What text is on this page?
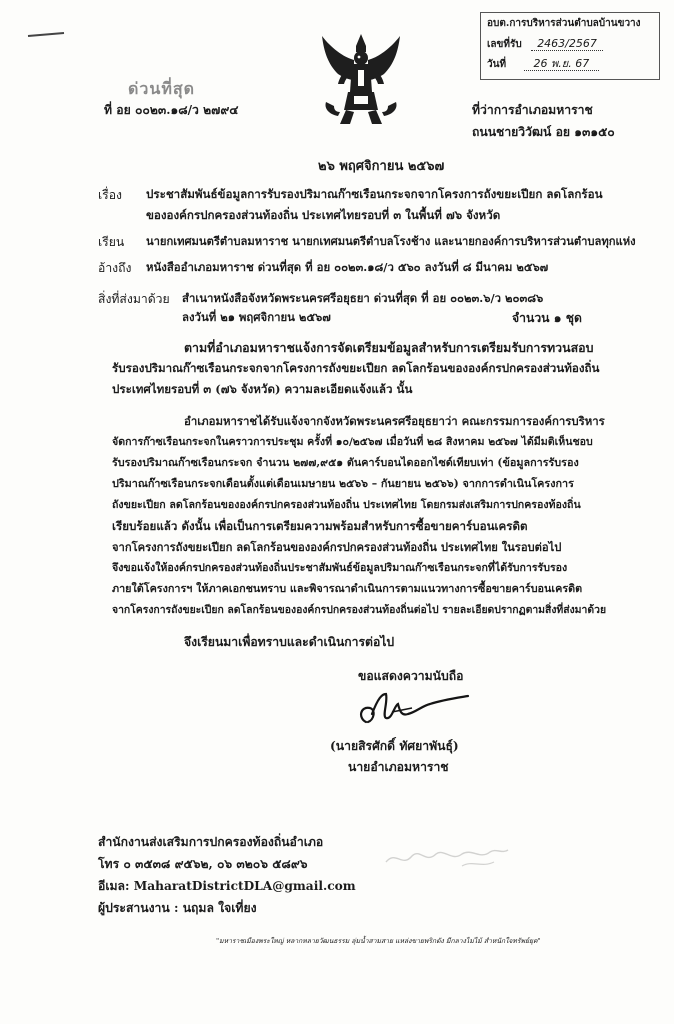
อบต.การบริหารส่วนตำบลบ้านขวาง
เลขที่รับ 2463/2567
วันที่ 26 พ.ย. 67
ด่วนที่สุด
ที่ อย ๐๐๒๓.๑๘/ว ๒๗๙๔	ที่ว่าการอำเภอมหาราช
ถนนชายวิวัฒน์ อย ๑๓๑๕๐
๒๖ พฤศจิกายน ๒๕๖๗
เรื่อง ประชาสัมพันธ์ข้อมูลการรับรองปริมาณก๊าซเรือนกระจกจากโครงการถังขยะเปียก ลดโลกร้อน
ขององค์กรปกครองส่วนท้องถิ่น ประเทศไทยรอบที่ ๓ ในพื้นที่ ๗๖ จังหวัด
เรียน นายกเทศมนตรีตำบลมหาราช นายกเทศมนตรีตำบลโรงช้าง และนายกองค์การบริหารส่วนตำบลทุกแห่ง
อ้างถึง หนังสืออำเภอมหาราช ด่วนที่สุด ที่ อย ๐๐๒๓.๑๘/ว ๕๖๐ ลงวันที่ ๘ มีนาคม ๒๕๖๗
สิ่งที่ส่งมาด้วย สำเนาหนังสือจังหวัดพระนครศรีอยุธยา ด่วนที่สุด ที่ อย ๐๐๒๓.๖/ว ๒๐๓๘๖
ลงวันที่ ๒๑ พฤศจิกายน ๒๕๖๗	จำนวน ๑ ชุด
ตามที่อำเภอมหาราชแจ้งการจัดเตรียมข้อมูลสำหรับการเตรียมรับการทวนสอบ
รับรองปริมาณก๊าซเรือนกระจกจากโครงการถังขยะเปียก ลดโลกร้อนขององค์กรปกครองส่วนท้องถิ่น
ประเทศไทยรอบที่ ๓ (๗๖ จังหวัด) ความละเอียดแจ้งแล้ว นั้น
อำเภอมหาราชได้รับแจ้งจากจังหวัดพระนครศรีอยุธยาว่า คณะกรรมการองค์การบริหาร
จัดการก๊าซเรือนกระจกในคราวการประชุม ครั้งที่ ๑๐/๒๕๖๗ เมื่อวันที่ ๒๘ สิงหาคม ๒๕๖๗ ได้มีมติเห็นชอบ
รับรองปริมาณก๊าซเรือนกระจก จำนวน ๒๗๗,๙๕๑ ตันคาร์บอนไดออกไซด์เทียบเท่า (ข้อมูลการรับรอง
ปริมาณก๊าซเรือนกระจกเดือนตั้งแต่เดือนเมษายน ๒๕๖๖ – กันยายน ๒๕๖๖) จากการดำเนินโครงการ
ถังขยะเปียก ลดโลกร้อนขององค์กรปกครองส่วนท้องถิ่น ประเทศไทย โดยกรมส่งเสริมการปกครองท้องถิ่น
เรียบร้อยแล้ว ดังนั้น เพื่อเป็นการเตรียมความพร้อมสำหรับการซื้อขายคาร์บอนเครดิต
จากโครงการถังขยะเปียก ลดโลกร้อนขององค์กรปกครองส่วนท้องถิ่น ประเทศไทย ในรอบต่อไป
จึงขอแจ้งให้องค์กรปกครองส่วนท้องถิ่นประชาสัมพันธ์ข้อมูลปริมาณก๊าซเรือนกระจกที่ได้รับการรับรอง
ภายใต้โครงการฯ ให้ภาคเอกชนทราบ และพิจารณาดำเนินการตามแนวทางการซื้อขายคาร์บอนเครดิต
จากโครงการถังขยะเปียก ลดโลกร้อนขององค์กรปกครองส่วนท้องถิ่นต่อไป รายละเอียดปรากฏตามสิ่งที่ส่งมาด้วย
จึงเรียนมาเพื่อทราบและดำเนินการต่อไป
ขอแสดงความนับถือ
(นายสิรศักดิ์ ทัศยาพันธุ์)
นายอำเภอมหาราช
สำนักงานส่งเสริมการปกครองท้องถิ่นอำเภอ
โทร ๐ ๓๕๓๘ ๙๕๖๒, ๐๖ ๓๒๐๖ ๕๘๙๖
อีเมล: MaharatDistrictDLA@gmail.com
ผู้ประสานงาน : นฤมล ใจเที่ยง
"มหาราชเมืองพระใหญ่ หลากหลายวัฒนธรรม ลุ่มน้ำสามสาย แหล่งขายพริกดัง มีกลางไม่ไม้ สำหนักใจทรัพย์ยุค"
